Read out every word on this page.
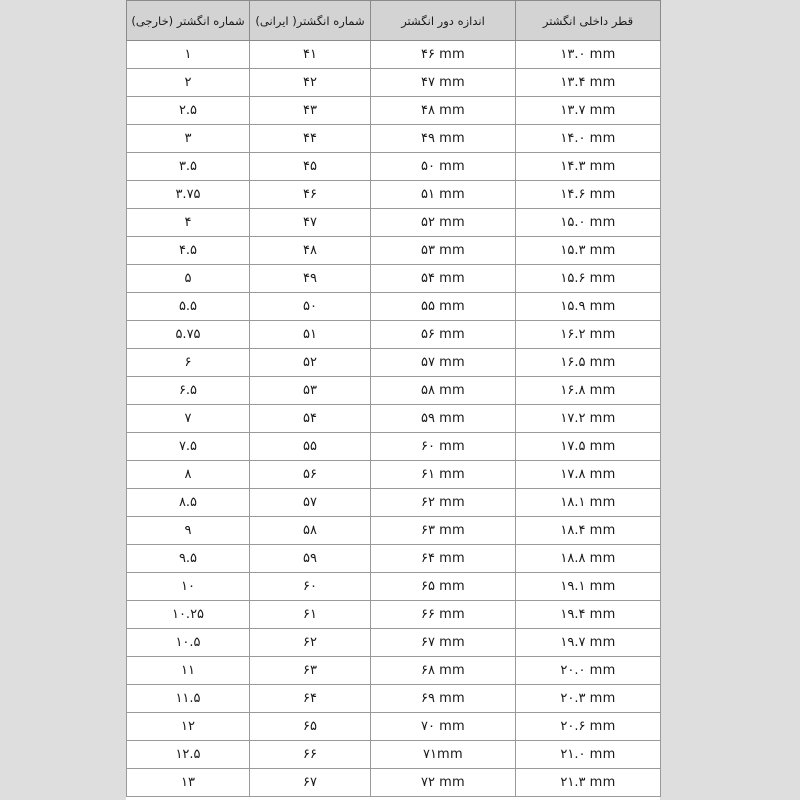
قطر داخلی انگشتر	اندازه دور انگشتر	شماره انگشتر( ایرانی)	شماره انگشتر (خارجی)
۱۳.۰ mm	۴۶ mm	۴۱	۱
۱۳.۴ mm	۴۷ mm	۴۲	۲
۱۳.۷ mm	۴۸ mm	۴۳	۲.۵
۱۴.۰ mm	۴۹ mm	۴۴	۳
۱۴.۳ mm	۵۰ mm	۴۵	۳.۵
۱۴.۶ mm	۵۱ mm	۴۶	۳.۷۵
۱۵.۰ mm	۵۲ mm	۴۷	۴
۱۵.۳ mm	۵۳ mm	۴۸	۴.۵
۱۵.۶ mm	۵۴ mm	۴۹	۵
۱۵.۹ mm	۵۵ mm	۵۰	۵.۵
۱۶.۲ mm	۵۶ mm	۵۱	۵.۷۵
۱۶.۵ mm	۵۷ mm	۵۲	۶
۱۶.۸ mm	۵۸ mm	۵۳	۶.۵
۱۷.۲ mm	۵۹ mm	۵۴	۷
۱۷.۵ mm	۶۰ mm	۵۵	۷.۵
۱۷.۸ mm	۶۱ mm	۵۶	۸
۱۸.۱ mm	۶۲ mm	۵۷	۸.۵
۱۸.۴ mm	۶۳ mm	۵۸	۹
۱۸.۸ mm	۶۴ mm	۵۹	۹.۵
۱۹.۱ mm	۶۵ mm	۶۰	۱۰
۱۹.۴ mm	۶۶ mm	۶۱	۱۰.۲۵
۱۹.۷ mm	۶۷ mm	۶۲	۱۰.۵
۲۰.۰ mm	۶۸ mm	۶۳	۱۱
۲۰.۳ mm	۶۹ mm	۶۴	۱۱.۵
۲۰.۶ mm	۷۰ mm	۶۵	۱۲
۲۱.۰ mm	۷۱mm	۶۶	۱۲.۵
۲۱.۳ mm	۷۲ mm	۶۷	۱۳
